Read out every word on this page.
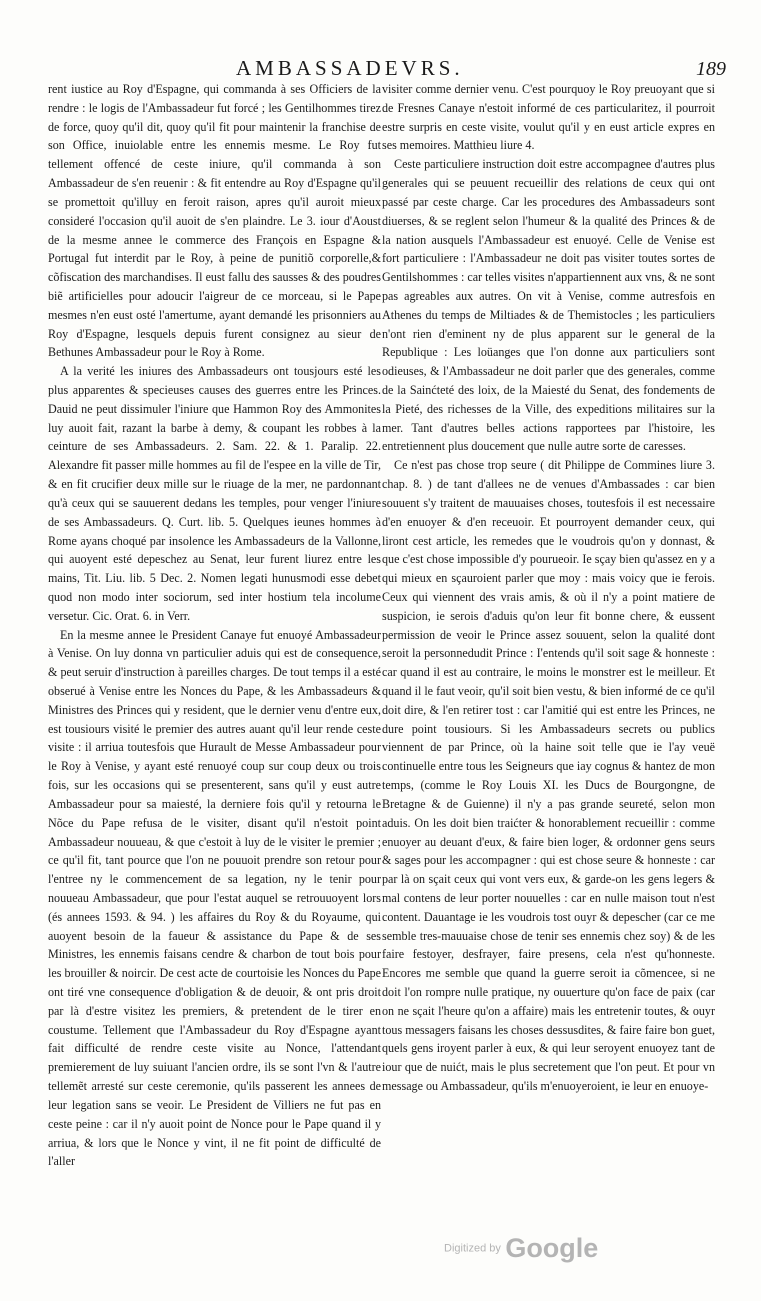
AMBASSADEVRS.	189

rent iustice au Roy d'Espagne, qui commanda à ses Officiers de la rendre : le logis de l'Ambassadeur fut forcé ; les Gentilhommes tirez de force, quoy qu'il dit, quoy qu'il fit pour maintenir la franchise de son Office, inuiolable entre les ennemis mesme. Le Roy fut tellement offencé de ceste iniure, qu'il commanda à son Ambassadeur de s'en reuenir : & fit entendre au Roy d'Espagne qu'il se promettoit qu'illuy en feroit raison, apres qu'il auroit mieux consideré l'occasion qu'il auoit de s'en plaindre. Le 3. iour d'Aoust de la mesme annee le commerce des François en Espagne & Portugal fut interdit par le Roy, à peine de punitiõ corporelle,& cõfiscation des marchandises. Il eust fallu des sausses & des poudres biẽ artificielles pour adoucir l'aigreur de ce morceau, si le Pape mesmes n'en eust osté l'amertume, ayant demandé les prisonniers au Roy d'Espagne, lesquels depuis furent consignez au sieur de Bethunes Ambassadeur pour le Roy à Rome.

A la verité les iniures des Ambassadeurs ont tousjours esté les plus apparentes & specieuses causes des guerres entre les Princes. Dauid ne peut dissimuler l'iniure que Hammon Roy des Ammonites luy auoit fait, razant la barbe à demy, & coupant les robbes à la ceinture de ses Ambassadeurs. 2. Sam. 22. & 1. Paralip. 22. Alexandre fit passer mille hommes au fil de l'espee en la ville de Tir, & en fit crucifier deux mille sur le riuage de la mer, ne pardonnant qu'à ceux qui se sauuerent dedans les temples, pour venger l'iniure de ses Ambassadeurs. Q. Curt. lib. 5. Quelques ieunes hommes à Rome ayans choqué par insolence les Ambassadeurs de la Vallonne, qui auoyent esté depeschez au Senat, leur furent liurez entre les mains, Tit. Liu. lib. 5 Dec. 2. Nomen legati hunusmodi esse debet quod non modo inter sociorum, sed inter hostium tela incolume versetur. Cic. Orat. 6. in Verr.

En la mesme annee le President Canaye fut enuoyé Ambassadeur à Venise. On luy donna vn particulier aduis qui est de consequence, & peut seruir d'instruction à pareilles charges. De tout temps il a esté obserué à Venise entre les Nonces du Pape, & les Ambassadeurs & Ministres des Princes qui y resident, que le dernier venu d'entre eux, est tousiours visité le premier des autres auant qu'il leur rende ceste visite : il arriua toutesfois que Hurault de Messe Ambassadeur pour le Roy à Venise, y ayant esté renuoyé coup sur coup deux ou trois fois, sur les occasions qui se presenterent, sans qu'il y eust autre Ambassadeur pour sa maiesté, la derniere fois qu'il y retourna le Nõce du Pape refusa de le visiter, disant qu'il n'estoit point Ambassadeur nouueau, & que c'estoit à luy de le visiter le premier ; ce qu'il fit, tant pource que l'on ne pouuoit prendre son retour pour l'entree ny le commencement de sa legation, ny le tenir pour nouueau Ambassadeur, que pour l'estat auquel se retrouuoyent lors (és annees 1593. & 94. ) les affaires du Roy & du Royaume, qui auoyent besoin de la faueur & assistance du Pape & de ses Ministres, les ennemis faisans cendre & charbon de tout bois pour les brouiller & noircir. De cest acte de courtoisie les Nonces du Pape ont tiré vne consequence d'obligation & de deuoir, & ont pris droit par là d'estre visitez les premiers, & pretendent de le tirer en coustume. Tellement que l'Ambassadeur du Roy d'Espagne ayant fait difficulté de rendre ceste visite au Nonce, l'attendant premierement de luy suiuant l'ancien ordre, ils se sont l'vn & l'autre tellemẽt arresté sur ceste ceremonie, qu'ils passerent les annees de leur legation sans se veoir. Le President de Villiers ne fut pas en ceste peine : car il n'y auoit point de Nonce pour le Pape quand il y arriua, & lors que le Nonce y vint, il ne fit point de difficulté de l'aller

visiter comme dernier venu. C'est pourquoy le Roy preuoyant que si de Fresnes Canaye n'estoit informé de ces particularitez, il pourroit estre surpris en ceste visite, voulut qu'il y en eust article expres en ses memoires. Matthieu liure 4.

Ceste particuliere instruction doit estre accompagnee d'autres plus generales qui se peuuent recueillir des relations de ceux qui ont passé par ceste charge. Car les procedures des Ambassadeurs sont diuerses, & se reglent selon l'humeur & la qualité des Princes & de la nation ausquels l'Ambassadeur est enuoyé. Celle de Venise est fort particuliere : l'Ambassadeur ne doit pas visiter toutes sortes de Gentilshommes : car telles visites n'appartiennent aux vns, & ne sont pas agreables aux autres. On vit à Venise, comme autresfois en Athenes du temps de Miltiades & de Themistocles ; les particuliers n'ont rien d'eminent ny de plus apparent sur le general de la Republique : Les loüanges que l'on donne aux particuliers sont odieuses, & l'Ambassadeur ne doit parler que des generales, comme de la Sainćteté des loix, de la Maiesté du Senat, des fondements de la Pieté, des richesses de la Ville, des expeditions militaires sur la mer. Tant d'autres belles actions rapportees par l'histoire, les entretiennent plus doucement que nulle autre sorte de caresses.

Ce n'est pas chose trop seure ( dit Philippe de Commines liure 3. chap. 8. ) de tant d'allees ne de venues d'Ambassades : car bien souuent s'y traitent de mauuaises choses, toutesfois il est necessaire d'en enuoyer & d'en receuoir. Et pourroyent demander ceux, qui liront cest article, les remedes que le voudrois qu'on y donnast, & que c'est chose impossible d'y pourueoir. Ie sçay bien qu'assez en y a qui mieux en sçauroient parler que moy : mais voicy que ie ferois. Ceux qui viennent des vrais amis, & où il n'y a point matiere de suspicion, ie serois d'aduis qu'on leur fit bonne chere, & eussent permission de veoir le Prince assez souuent, selon la qualité dont seroit la personnedudit Prince : I'entends qu'il soit sage & honneste : car quand il est au contraire, le moins le monstrer est le meilleur. Et quand il le faut veoir, qu'il soit bien vestu, & bien informé de ce qu'il doit dire, & l'en retirer tost : car l'amitié qui est entre les Princes, ne dure point tousiours. Si les Ambassadeurs secrets ou publics viennent de par Prince, où la haine soit telle que ie l'ay veuë continuelle entre tous les Seigneurs que iay cognus & hantez de mon temps, (comme le Roy Louis XI. les Ducs de Bourgongne, de Bretagne & de Guienne) il n'y a pas grande seureté, selon mon aduis. On les doit bien traićter & honorablement recueillir : comme enuoyer au deuant d'eux, & faire bien loger, & ordonner gens seurs & sages pour les accompagner : qui est chose seure & honneste : car par là on sçait ceux qui vont vers eux, & garde-on les gens legers & mal contens de leur porter nouuelles : car en nulle maison tout n'est content. Dauantage ie les voudrois tost ouyr & depescher (car ce me semble tres-mauuaise chose de tenir ses ennemis chez soy) & de les faire festoyer, desfrayer, faire presens, cela n'est qu'honneste. Encores me semble que quand la guerre seroit ia cõmencee, si ne doit l'on rompre nulle pratique, ny ouuerture qu'on face de paix (car on ne sçait l'heure qu'on a affaire) mais les entretenir toutes, & ouyr tous messagers faisans les choses dessusdites, & faire faire bon guet, quels gens iroyent parler à eux, & qui leur seroyent enuoyez tant de iour que de nuićt, mais le plus secretement que l'on peut. Et pour vn message ou Ambassadeur, qu'ils m'enuoyeroient, ie leur en enuoye-

Digitized by Google
